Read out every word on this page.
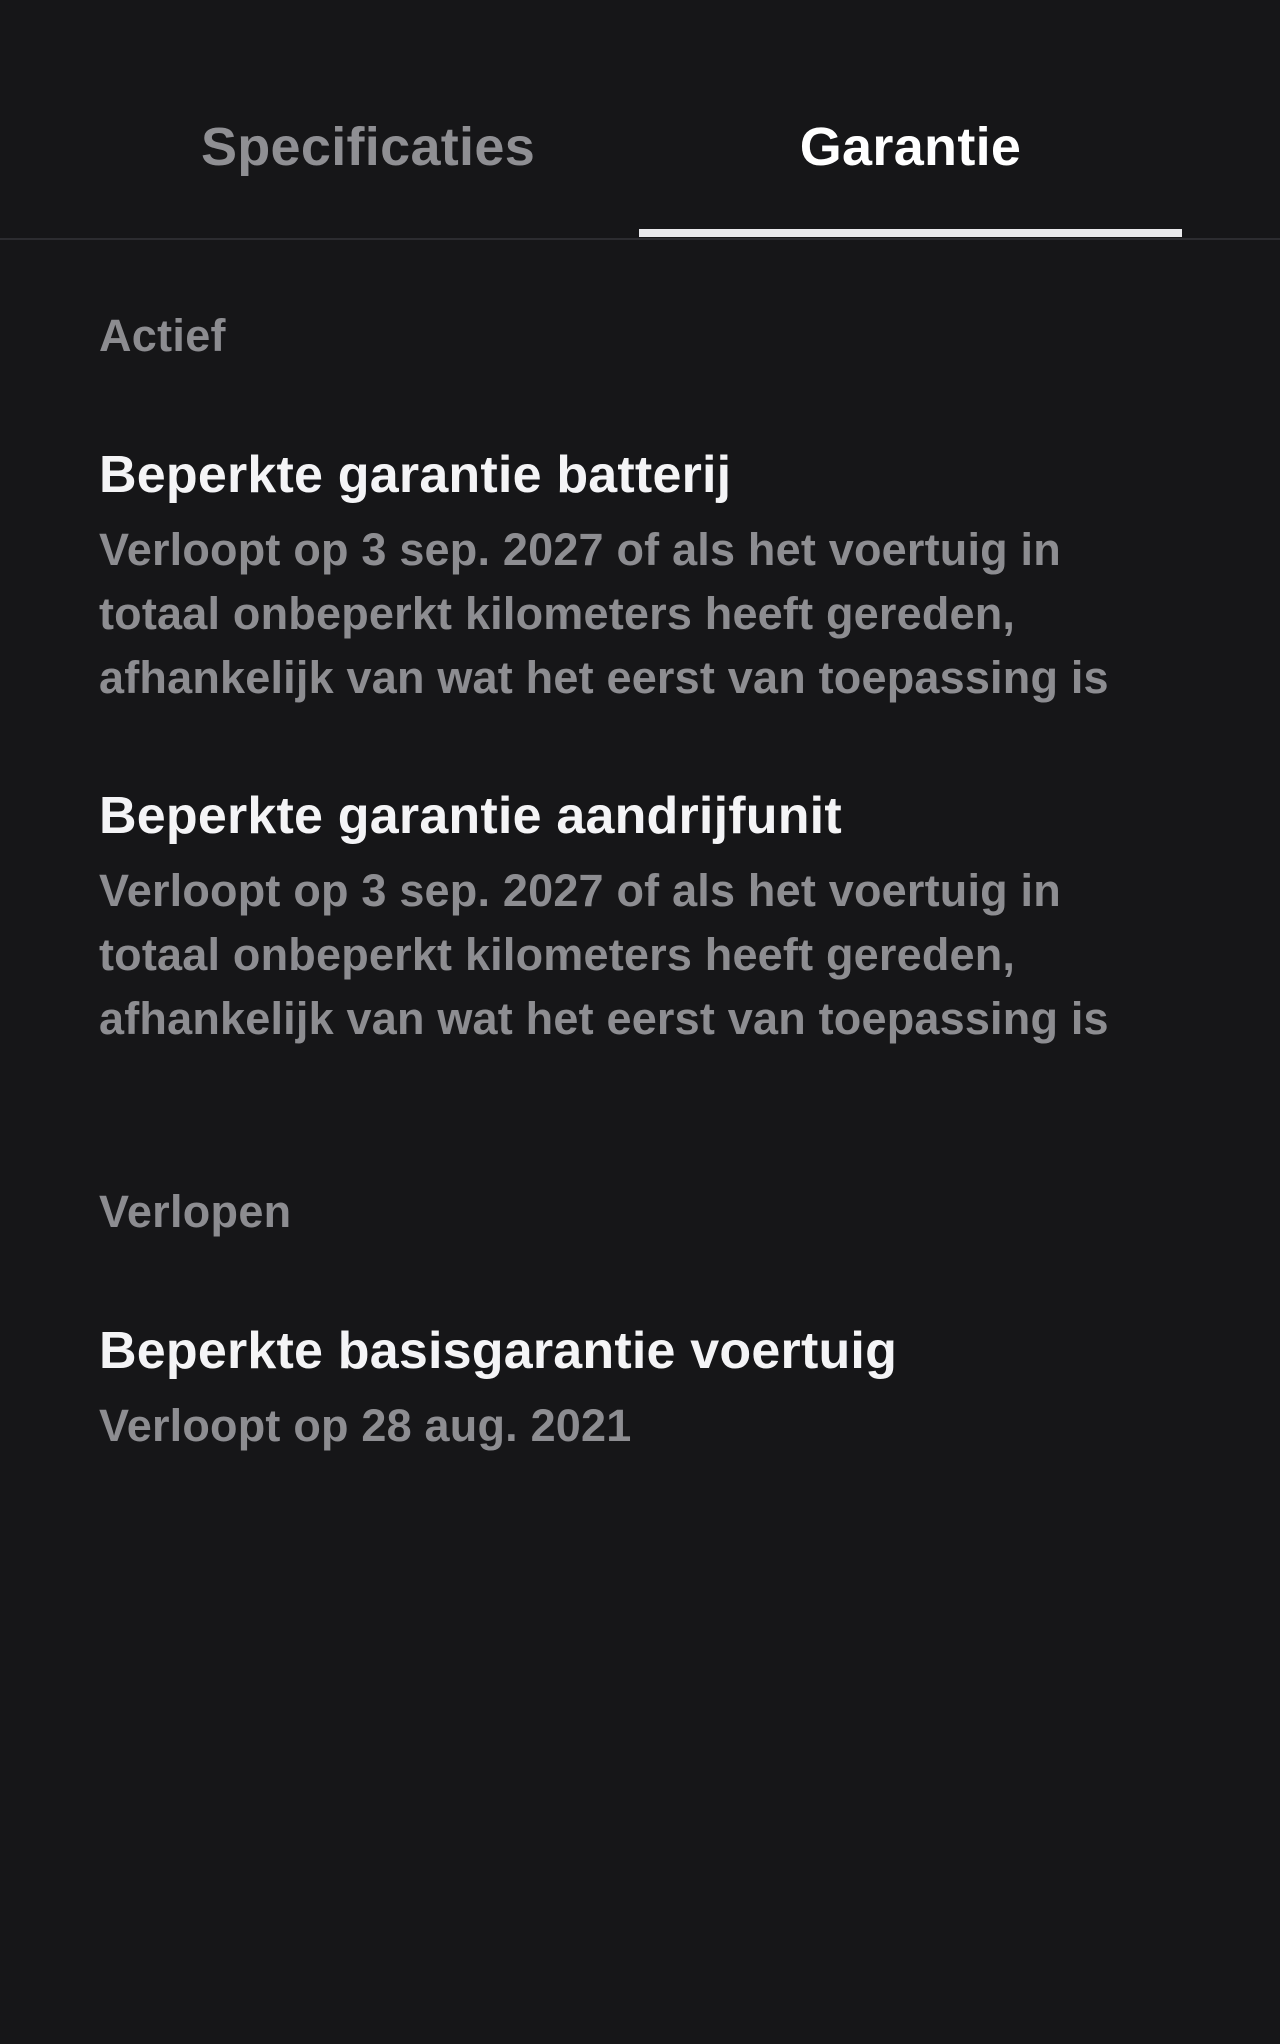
Specificaties	Garantie
Actief
Beperkte garantie batterij
Verloopt op 3 sep. 2027 of als het voertuig in
totaal onbeperkt kilometers heeft gereden,
afhankelijk van wat het eerst van toepassing is
Beperkte garantie aandrijfunit
Verloopt op 3 sep. 2027 of als het voertuig in
totaal onbeperkt kilometers heeft gereden,
afhankelijk van wat het eerst van toepassing is
Verlopen
Beperkte basisgarantie voertuig
Verloopt op 28 aug. 2021
